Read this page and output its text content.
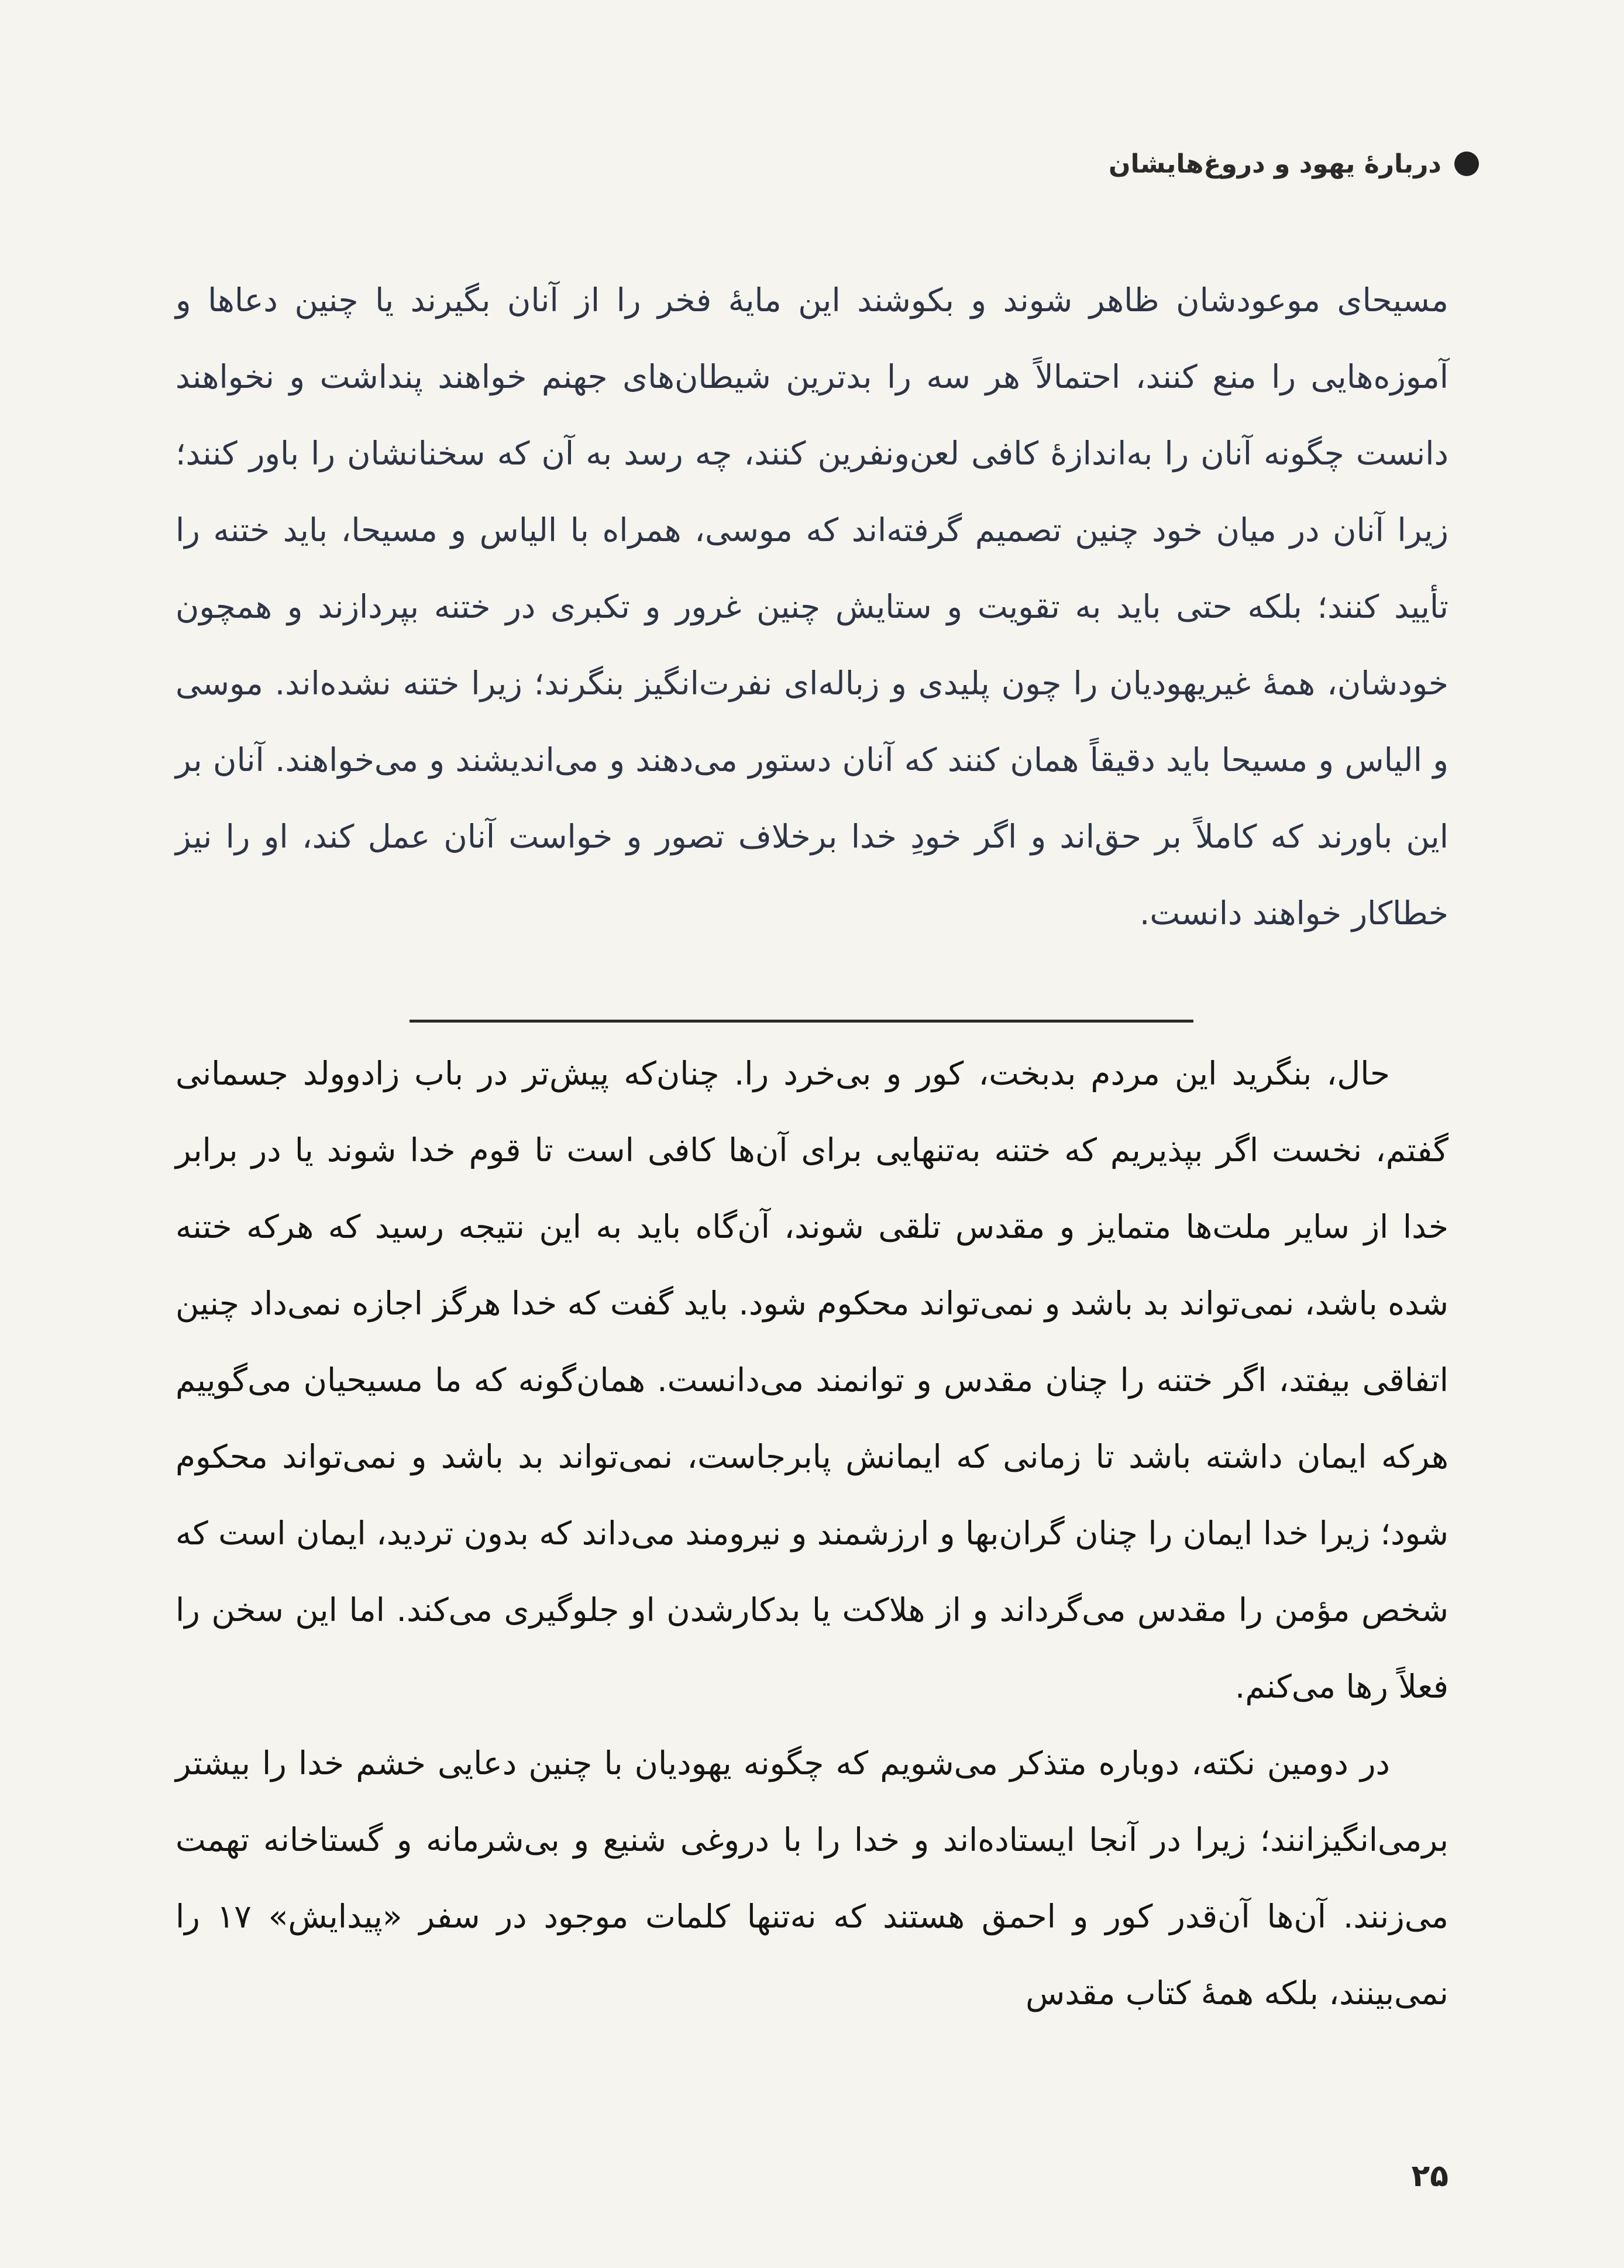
دربارهٔ یهود و دروغ‌هایشان

مسیحای موعودشان ظاهر شوند و بکوشند این مایهٔ فخر را از آنان بگیرند یا چنین دعاها و آموزه‌هایی را منع کنند، احتمالاً هر سه را بدترین شیطان‌های جهنم خواهند پنداشت و نخواهند دانست چگونه آنان را به‌اندازهٔ کافی لعن‌ونفرین کنند، چه رسد به آن که سخنانشان را باور کنند؛ زیرا آنان در میان خود چنین تصمیم گرفته‌اند که موسی، همراه با الیاس و مسیحا، باید ختنه را تأیید کنند؛ بلکه حتی باید به تقویت و ستایش چنین غرور و تکبری در ختنه بپردازند و همچون خودشان، همهٔ غیریهودیان را چون پلیدی و زباله‌ای نفرت‌انگیز بنگرند؛ زیرا ختنه نشده‌اند. موسی و الیاس و مسیحا باید دقیقاً همان کنند که آنان دستور می‌دهند و می‌اندیشند و می‌خواهند. آنان بر این باورند که کاملاً بر حق‌اند و اگر خودِ خدا برخلاف تصور و خواست آنان عمل کند، او را نیز خطاکار خواهند دانست.

حال، بنگرید این مردم بدبخت، کور و بی‌خرد را. چنان‌که پیش‌تر در باب زادوولد جسمانی گفتم، نخست اگر بپذیریم که ختنه به‌تنهایی برای آن‌ها کافی است تا قوم خدا شوند یا در برابر خدا از سایر ملت‌ها متمایز و مقدس تلقی شوند، آن‌گاه باید به این نتیجه رسید که هرکه ختنه شده باشد، نمی‌تواند بد باشد و نمی‌تواند محکوم شود. باید گفت که خدا هرگز اجازه نمی‌داد چنین اتفاقی بیفتد، اگر ختنه را چنان مقدس و توانمند می‌دانست. همان‌گونه که ما مسیحیان می‌گوییم هرکه ایمان داشته باشد تا زمانی که ایمانش پابرجاست، نمی‌تواند بد باشد و نمی‌تواند محکوم شود؛ زیرا خدا ایمان را چنان گران‌بها و ارزشمند و نیرومند می‌داند که بدون تردید، ایمان است که شخص مؤمن را مقدس می‌گرداند و از هلاکت یا بدکارشدن او جلوگیری می‌کند. اما این سخن را فعلاً رها می‌کنم.

در دومین نکته، دوباره متذکر می‌شویم که چگونه یهودیان با چنین دعایی خشم خدا را بیشتر برمی‌انگیزانند؛ زیرا در آنجا ایستاده‌اند و خدا را با دروغی شنیع و بی‌شرمانه و گستاخانه تهمت می‌زنند. آن‌ها آن‌قدر کور و احمق هستند که نه‌تنها کلمات موجود در سفر «پیدایش» ۱۷ را نمی‌بینند، بلکه همهٔ کتاب مقدس

۲۵
